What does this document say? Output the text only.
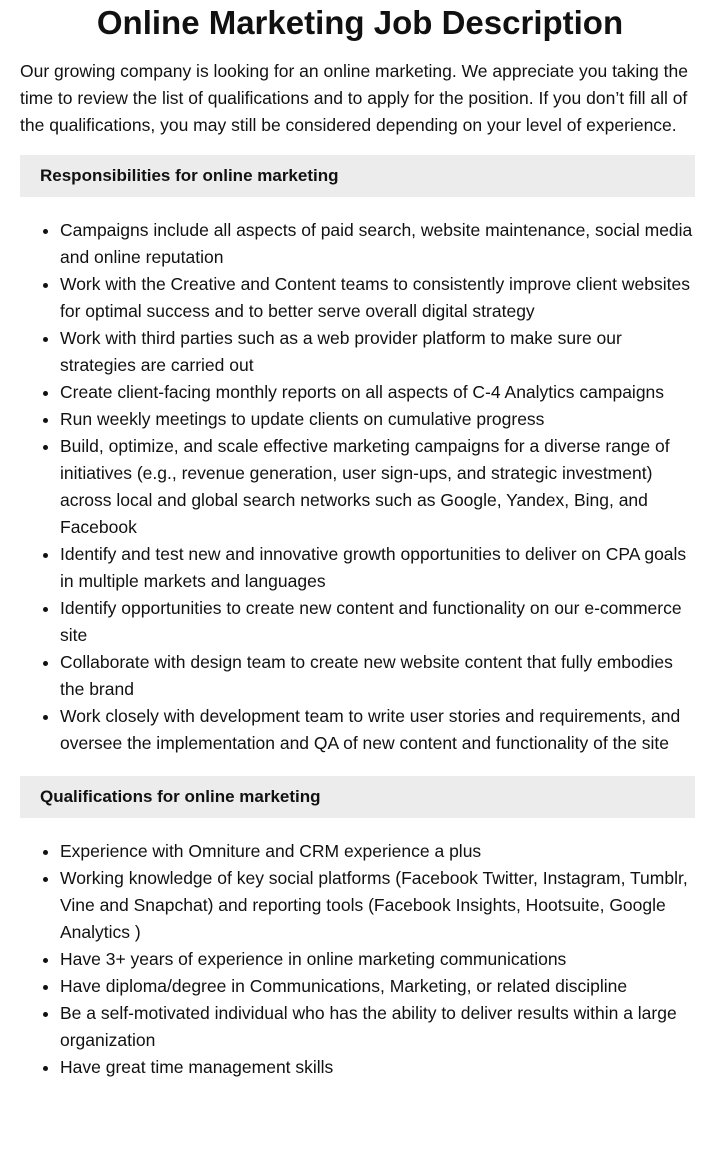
Online Marketing Job Description

Our growing company is looking for an online marketing. We appreciate you taking the time to review the list of qualifications and to apply for the position. If you don’t fill all of the qualifications, you may still be considered depending on your level of experience.

Responsibilities for online marketing
• Campaigns include all aspects of paid search, website maintenance, social media and online reputation
• Work with the Creative and Content teams to consistently improve client websites for optimal success and to better serve overall digital strategy
• Work with third parties such as a web provider platform to make sure our strategies are carried out
• Create client-facing monthly reports on all aspects of C-4 Analytics campaigns
• Run weekly meetings to update clients on cumulative progress
• Build, optimize, and scale effective marketing campaigns for a diverse range of initiatives (e.g., revenue generation, user sign-ups, and strategic investment) across local and global search networks such as Google, Yandex, Bing, and Facebook
• Identify and test new and innovative growth opportunities to deliver on CPA goals in multiple markets and languages
• Identify opportunities to create new content and functionality on our e-commerce site
• Collaborate with design team to create new website content that fully embodies the brand
• Work closely with development team to write user stories and requirements, and oversee the implementation and QA of new content and functionality of the site
Qualifications for online marketing
• Experience with Omniture and CRM experience a plus
• Working knowledge of key social platforms (Facebook Twitter, Instagram, Tumblr, Vine and Snapchat) and reporting tools (Facebook Insights, Hootsuite, Google Analytics )
• Have 3+ years of experience in online marketing communications
• Have diploma/degree in Communications, Marketing, or related discipline
• Be a self-motivated individual who has the ability to deliver results within a large organization
• Have great time management skills
